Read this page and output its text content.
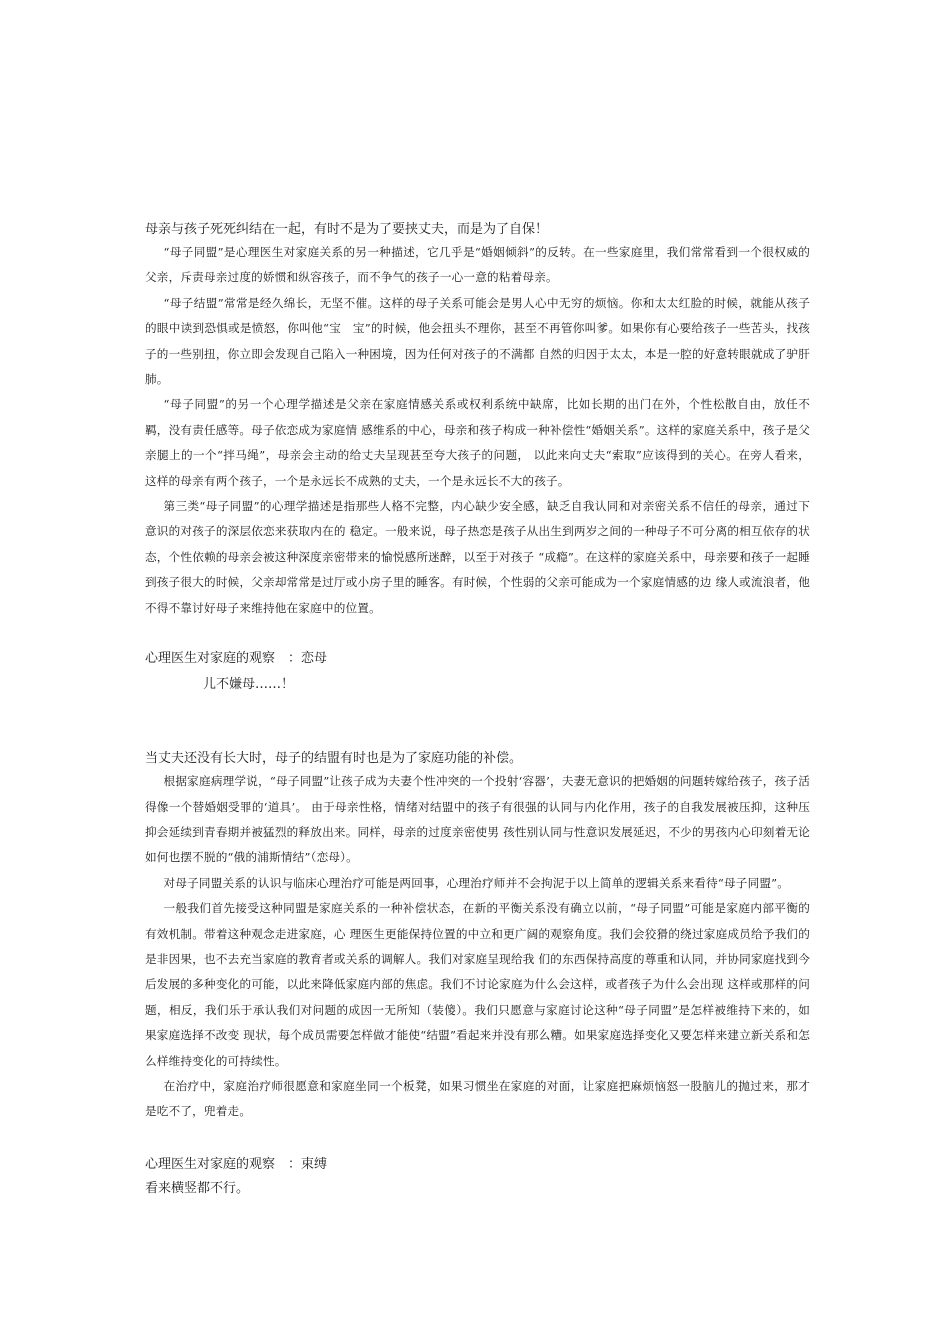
母亲与孩子死死纠结在一起，有时不是为了要挟丈夫，而是为了自保！

“母子同盟”是心理医生对家庭关系的另一种描述，它几乎是“婚姻倾斜”的反转。在一些家庭里，我们常常看到一个很权威的父亲，斥责母亲过度的娇惯和纵容孩子，而不争气的孩子一心一意的粘着母亲。

“母子结盟”常常是经久绵长，无坚不催。这样的母子关系可能会是男人心中无穷的烦恼。你和太太红脸的时候，就能从孩子的眼中读到恐惧或是愤怒，你叫他“宝　宝”的时候，他会扭头不理你，甚至不再管你叫爹。如果你有心要给孩子一些苦头，找孩子的一些别扭，你立即会发现自己陷入一种困境，因为任何对孩子的不满都 自然的归因于太太，本是一腔的好意转眼就成了驴肝肺。

“母子同盟”的另一个心理学描述是父亲在家庭情感关系或权利系统中缺席，比如长期的出门在外，个性松散自由，放任不羁，没有责任感等。母子依恋成为家庭情 感维系的中心，母亲和孩子构成一种补偿性“婚姻关系”。这样的家庭关系中，孩子是父亲腿上的一个“拌马绳”，母亲会主动的给丈夫呈现甚至夸大孩子的问题， 以此来向丈夫“索取”应该得到的关心。在旁人看来，这样的母亲有两个孩子，一个是永远长不成熟的丈夫，一个是永远长不大的孩子。

第三类“母子同盟”的心理学描述是指那些人格不完整，内心缺少安全感，缺乏自我认同和对亲密关系不信任的母亲，通过下意识的对孩子的深层依恋来获取内在的 稳定。一般来说，母子热恋是孩子从出生到两岁之间的一种母子不可分离的相互依存的状态，个性依赖的母亲会被这种深度亲密带来的愉悦感所迷醉，以至于对孩子 “成瘾”。在这样的家庭关系中，母亲要和孩子一起睡到孩子很大的时候，父亲却常常是过厅或小房子里的睡客。有时候，个性弱的父亲可能成为一个家庭情感的边 缘人或流浪者，他不得不靠讨好母子来维持他在家庭中的位置。

心理医生对家庭的观察　：恋母

儿不嫌母……！

当丈夫还没有长大时，母子的结盟有时也是为了家庭功能的补偿。

根据家庭病理学说，“母子同盟”让孩子成为夫妻个性冲突的一个投射‘容器’，夫妻无意识的把婚姻的问题转嫁给孩子，孩子活得像一个替婚姻受罪的‘道具’。 由于母亲性格，情绪对结盟中的孩子有很强的认同与内化作用，孩子的自我发展被压抑，这种压抑会延续到青春期并被猛烈的释放出来。同样，母亲的过度亲密使男 孩性别认同与性意识发展延迟，不少的男孩内心印刻着无论如何也摆不脱的“俄的浦斯情结”（恋母）。

对母子同盟关系的认识与临床心理治疗可能是两回事，心理治疗师并不会拘泥于以上简单的逻辑关系来看待“母子同盟”。

一般我们首先接受这种同盟是家庭关系的一种补偿状态，在新的平衡关系没有确立以前，“母子同盟”可能是家庭内部平衡的有效机制。带着这种观念走进家庭，心 理医生更能保持位置的中立和更广阔的观察角度。我们会狡猾的绕过家庭成员给予我们的是非因果，也不去充当家庭的教育者或关系的调解人。我们对家庭呈现给我 们的东西保持高度的尊重和认同，并协同家庭找到今后发展的多种变化的可能，以此来降低家庭内部的焦虑。我们不讨论家庭为什么会这样，或者孩子为什么会出现 这样或那样的问题，相反，我们乐于承认我们对问题的成因一无所知（装傻）。我们只愿意与家庭讨论这种“母子同盟”是怎样被维持下来的，如果家庭选择不改变 现状，每个成员需要怎样做才能使“结盟”看起来并没有那么糟。如果家庭选择变化又要怎样来建立新关系和怎么样维持变化的可持续性。

在治疗中，家庭治疗师很愿意和家庭坐同一个板凳，如果习惯坐在家庭的对面，让家庭把麻烦恼怒一股脑儿的抛过来，那才是吃不了，兜着走。

心理医生对家庭的观察　：束缚

看来横竖都不行。
